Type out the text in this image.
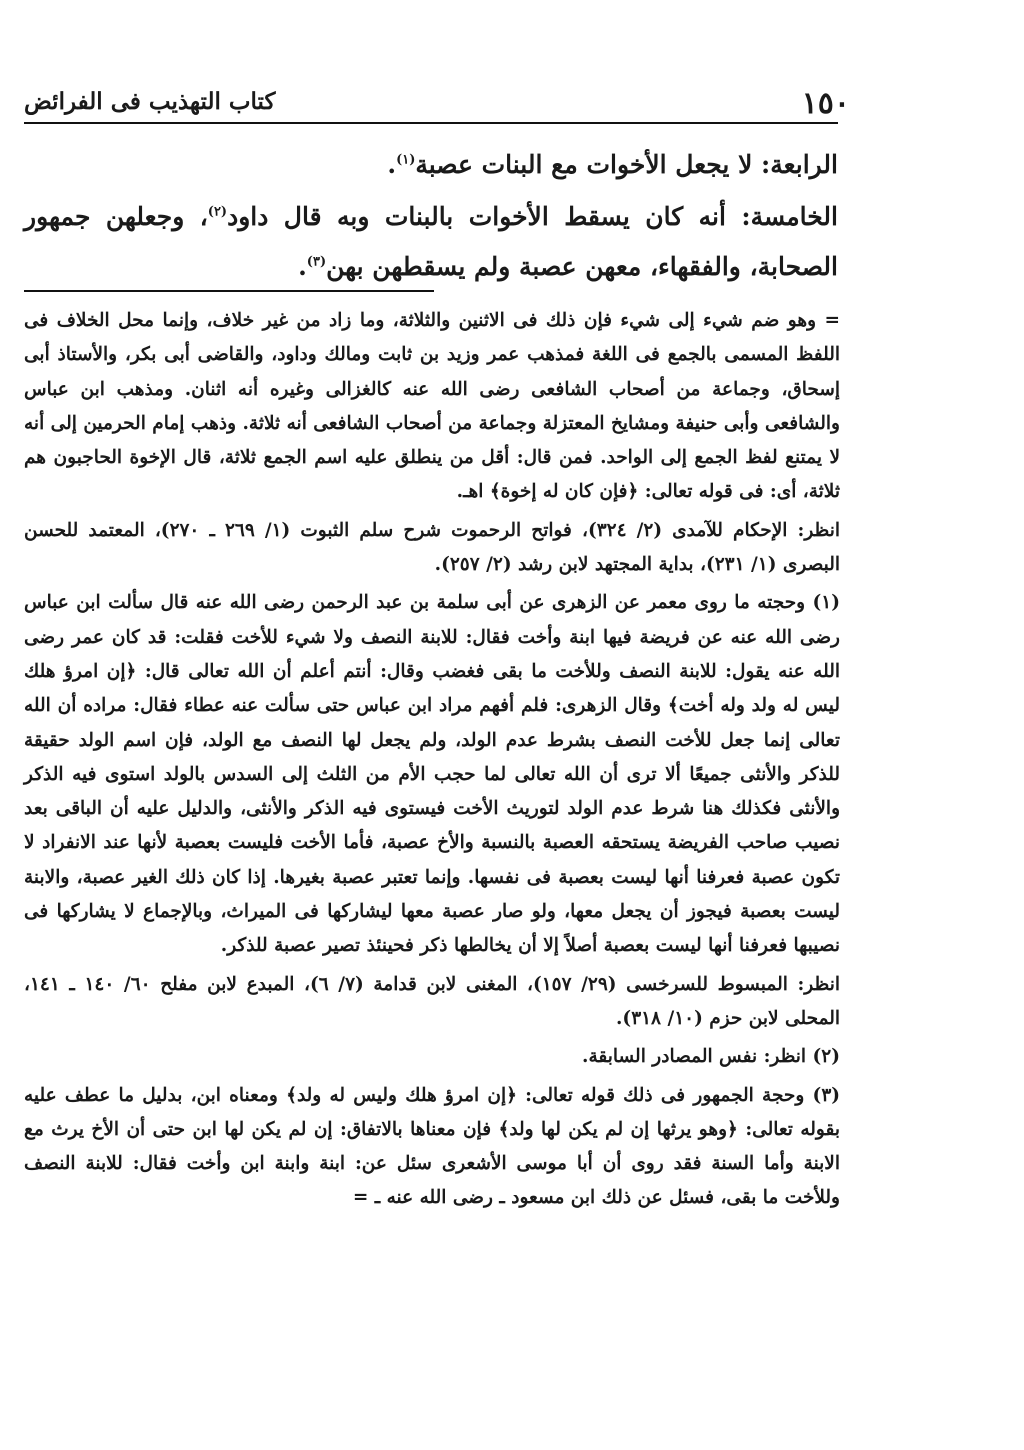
١٥٠
كتاب التهذيب فى الفرائض

الرابعة: لا يجعل الأخوات مع البنات عصبة$^{(١)}$.

الخامسة: أنه كان يسقط الأخوات بالبنات وبه قال داود$^{(٢)}$، وجعلهن جمهور الصحابة، والفقهاء، معهن عصبة ولم يسقطهن بهن$^{(٣)}$.

= وهو ضم شيء إلى شيء فإن ذلك فى الاثنين والثلاثة، وما زاد من غير خلاف، وإنما محل الخلاف فى اللفظ المسمى بالجمع فى اللغة فمذهب عمر وزيد بن ثابت ومالك وداود، والقاضى أبى بكر، والأستاذ أبى إسحاق، وجماعة من أصحاب الشافعى رضى الله عنه كالغزالى وغيره أنه اثنان. ومذهب ابن عباس والشافعى وأبى حنيفة ومشايخ المعتزلة وجماعة من أصحاب الشافعى أنه ثلاثة. وذهب إمام الحرمين إلى أنه لا يمتنع لفظ الجمع إلى الواحد. فمن قال: أقل من ينطلق عليه اسم الجمع ثلاثة، قال الإخوة الحاجبون هم ثلاثة، أى: فى قوله تعالى: ﴿فإن كان له إخوة﴾ اهـ.

انظر: الإحكام للآمدى (٢/ ٣٢٤)، فواتح الرحموت شرح سلم الثبوت (١/ ٢٦٩ ـ ٢٧٠)، المعتمد للحسن البصرى (١/ ٢٣١)، بداية المجتهد لابن رشد (٢/ ٢٥٧).

(١) وحجته ما روى معمر عن الزهرى عن أبى سلمة بن عبد الرحمن رضى الله عنه قال سألت ابن عباس رضى الله عنه عن فريضة فيها ابنة وأخت فقال: للابنة النصف ولا شيء للأخت فقلت: قد كان عمر رضى الله عنه يقول: للابنة النصف وللأخت ما بقى فغضب وقال: أنتم أعلم أن الله تعالى قال: ﴿إن امرؤ هلك ليس له ولد وله أخت﴾ وقال الزهرى: فلم أفهم مراد ابن عباس حتى سألت عنه عطاء فقال: مراده أن الله تعالى إنما جعل للأخت النصف بشرط عدم الولد، ولم يجعل لها النصف مع الولد، فإن اسم الولد حقيقة للذكر والأنثى جميعًا ألا ترى أن الله تعالى لما حجب الأم من الثلث إلى السدس بالولد استوى فيه الذكر والأنثى فكذلك هنا شرط عدم الولد لتوريث الأخت فيستوى فيه الذكر والأنثى، والدليل عليه أن الباقى بعد نصيب صاحب الفريضة يستحقه العصبة بالنسبة والأخ عصبة، فأما الأخت فليست بعصبة لأنها عند الانفراد لا تكون عصبة فعرفنا أنها ليست بعصبة فى نفسها. وإنما تعتبر عصبة بغيرها. إذا كان ذلك الغير عصبة، والابنة ليست بعصبة فيجوز أن يجعل معها، ولو صار عصبة معها ليشاركها فى الميراث، وبالإجماع لا يشاركها فى نصيبها فعرفنا أنها ليست بعصبة أصلاً إلا أن يخالطها ذكر فحينئذ تصير عصبة للذكر.

انظر: المبسوط للسرخسى (٢٩/ ١٥٧)، المغنى لابن قدامة (٧/ ٦)، المبدع لابن مفلح ٦٠/ ١٤٠ ـ ١٤١، المحلى لابن حزم (١٠/ ٣١٨).

(٢) انظر: نفس المصادر السابقة.

(٣) وحجة الجمهور فى ذلك قوله تعالى: ﴿إن امرؤ هلك وليس له ولد﴾ ومعناه ابن، بدليل ما عطف عليه بقوله تعالى: ﴿وهو يرثها إن لم يكن لها ولد﴾ فإن معناها بالاتفاق: إن لم يكن لها ابن حتى أن الأخ يرث مع الابنة وأما السنة فقد روى أن أبا موسى الأشعرى سئل عن: ابنة وابنة ابن وأخت فقال: للابنة النصف وللأخت ما بقى، فسئل عن ذلك ابن مسعود ـ رضى الله عنه ـ =
